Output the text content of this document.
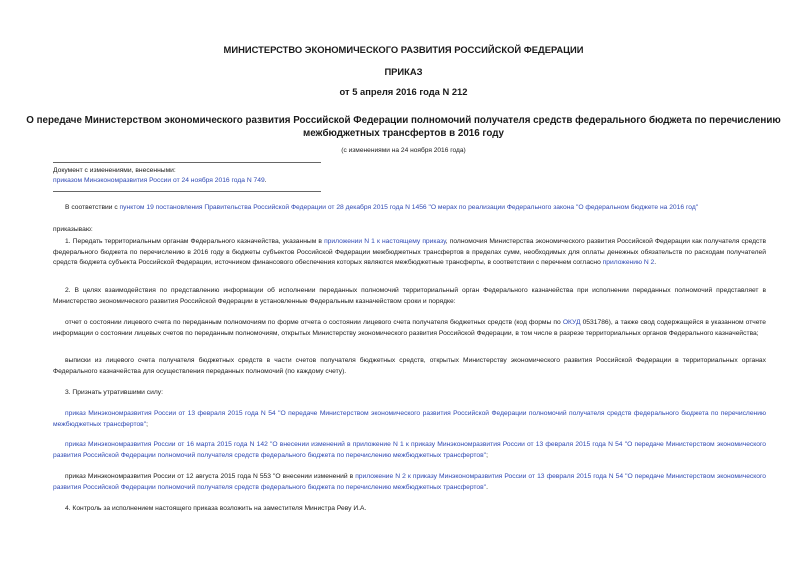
МИНИСТЕРСТВО ЭКОНОМИЧЕСКОГО РАЗВИТИЯ РОССИЙСКОЙ ФЕДЕРАЦИИ
ПРИКАЗ
от 5 апреля 2016 года N 212
О передаче Министерством экономического развития Российской Федерации полномочий получателя средств федерального бюджета по перечислению
межбюджетных трансфертов в 2016 году
(с изменениями на 24 ноября 2016 года)
Документ с изменениями, внесенными:
приказом Минэкономразвития России от 24 ноября 2016 года N 749.
В соответствии с пунктом 19 постановления Правительства Российской Федерации от 28 декабря 2015 года N 1456 "О мерах по реализации Федерального закона "О федеральном бюджете на 2016 год"
приказываю:
1. Передать территориальным органам Федерального казначейства, указанным в приложении N 1 к настоящему приказу, полномочия Министерства экономического развития Российской Федерации как получателя средств федерального бюджета по перечислению в 2016 году в бюджеты субъектов Российской Федерации межбюджетных трансфертов в пределах сумм, необходимых для оплаты денежных обязательств по расходам получателей средств бюджета субъекта Российской Федерации, источником финансового обеспечения которых являются межбюджетные трансферты, в соответствии с перечнем согласно приложению N 2.
2. В целях взаимодействия по представлению информации об исполнении переданных полномочий территориальный орган Федерального казначейства при исполнении переданных полномочий представляет в Министерство экономического развития Российской Федерации в установленные Федеральным казначейством сроки и порядке:
отчет о состоянии лицевого счета по переданным полномочиям по форме отчета о состоянии лицевого счета получателя бюджетных средств (код формы по ОКУД 0531786), а также свод содержащейся в указанном отчете информации о состоянии лицевых счетов по переданным полномочиям, открытых Министерству экономического развития Российской Федерации, в том числе в разрезе территориальных органов Федерального казначейства;
выписки из лицевого счета получателя бюджетных средств в части счетов получателя бюджетных средств, открытых Министерству экономического развития Российской Федерации в территориальных органах Федерального казначейства для осуществления переданных полномочий (по каждому счету).
3. Признать утратившими силу:
приказ Минэкономразвития России от 13 февраля 2015 года N 54 "О передаче Министерством экономического развития Российской Федерации полномочий получателя средств федерального бюджета по перечислению межбюджетных трансфертов";
приказ Минэкономразвития России от 16 марта 2015 года N 142 "О внесении изменений в приложение N 1 к приказу Минэкономразвития России от 13 февраля 2015 года N 54 "О передаче Министерством экономического развития Российской Федерации полномочий получателя средств федерального бюджета по перечислению межбюджетных трансфертов";
приказ Минэкономразвития России от 12 августа 2015 года N 553 "О внесении изменений в приложение N 2 к приказу Минэкономразвития России от 13 февраля 2015 года N 54 "О передаче Министерством экономического развития Российской Федерации полномочий получателя средств федерального бюджета по перечислению межбюджетных трансфертов".
4. Контроль за исполнением настоящего приказа возложить на заместителя Министра Реву И.А.
